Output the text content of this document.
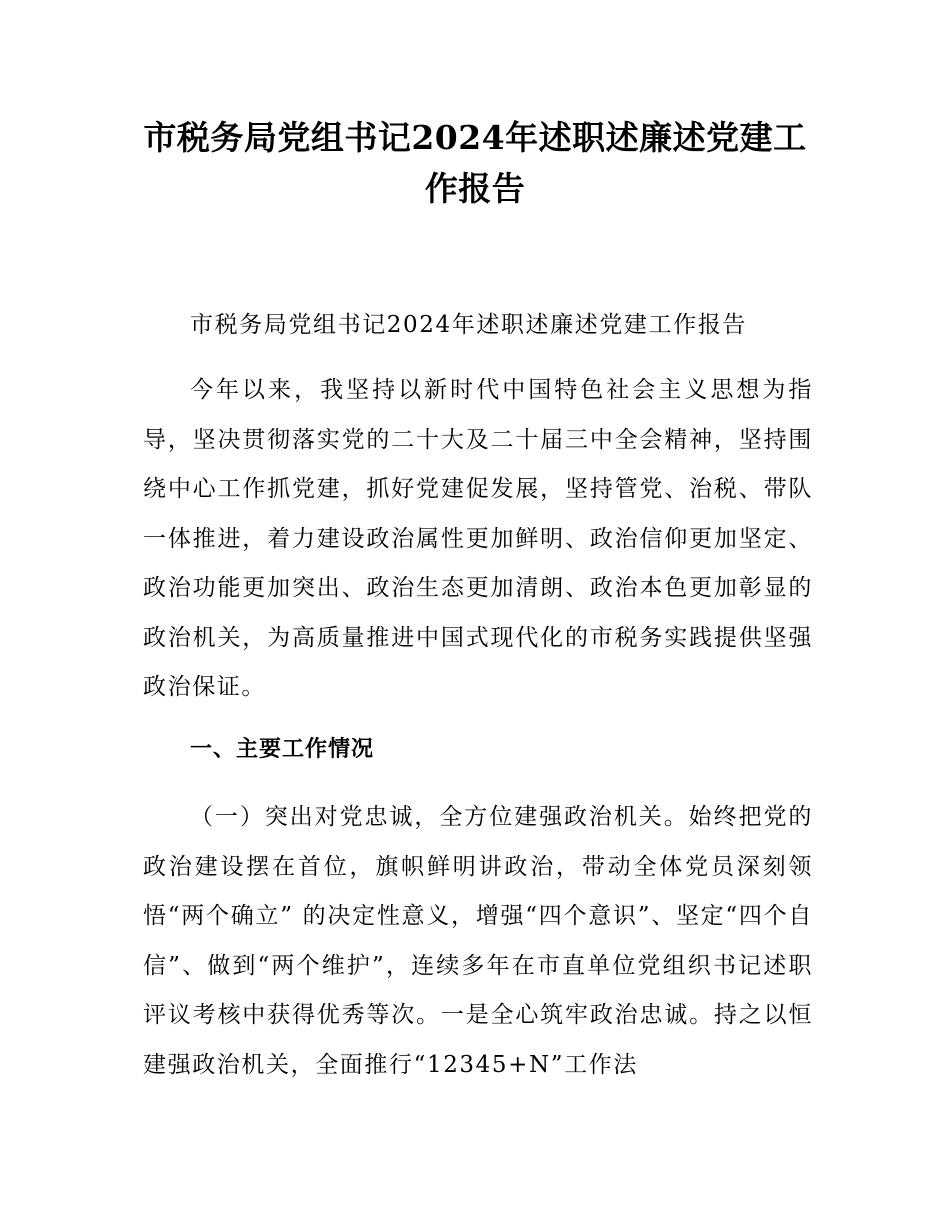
市税务局党组书记2024年述职述廉述党建工作报告

市税务局党组书记2024年述职述廉述党建工作报告

今年以来，我坚持以新时代中国特色社会主义思想为指导，坚决贯彻落实党的二十大及二十届三中全会精神，坚持围绕中心工作抓党建，抓好党建促发展，坚持管党、治税、带队一体推进，着力建设政治属性更加鲜明、政治信仰更加坚定、政治功能更加突出、政治生态更加清朗、政治本色更加彰显的政治机关，为高质量推进中国式现代化的市税务实践提供坚强政治保证。

一、主要工作情况

（一）突出对党忠诚，全方位建强政治机关。始终把党的政治建设摆在首位，旗帜鲜明讲政治，带动全体党员深刻领悟“两个确立” 的决定性意义，增强“四个意识”、坚定“四个自信”、做到“两个维护”，连续多年在市直单位党组织书记述职评议考核中获得优秀等次。一是全心筑牢政治忠诚。持之以恒建强政治机关，全面推行“12345+N”工作法
